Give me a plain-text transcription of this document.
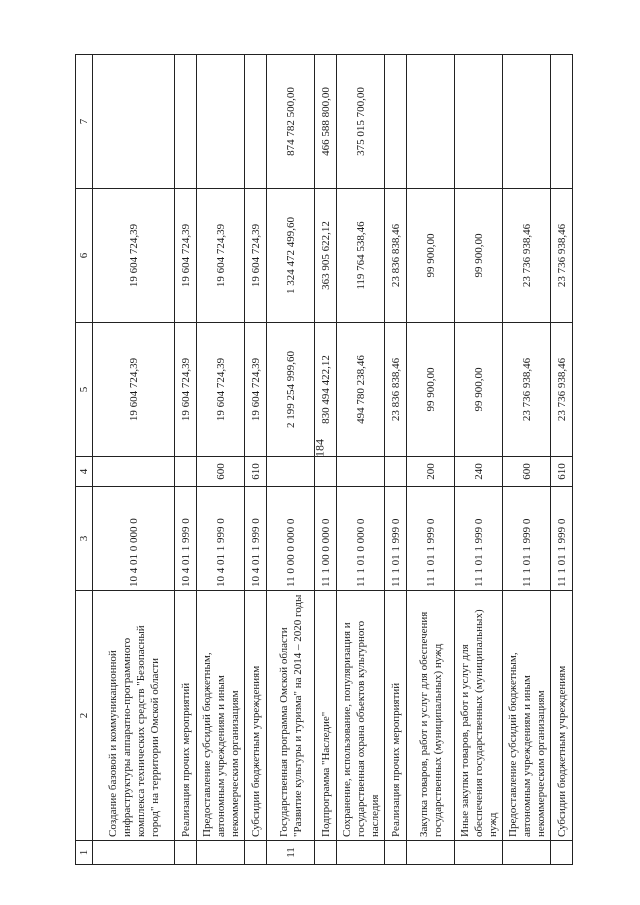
184
1	2	3	4	5	6	7
	Создание базовой и коммуникационной инфраструктуры аппаратно-программного комплекса технических средств "Безопасный город" на территории Омской области	10 4 01 0 000 0		19 604 724,39	19 604 724,39	
	Реализация прочих мероприятий	10 4 01 1 999 0		19 604 724,39	19 604 724,39	
	Предоставление субсидий бюджетным, автономным учреждениям и иным некоммерческим организациям	10 4 01 1 999 0	600	19 604 724,39	19 604 724,39	
	Субсидии бюджетным учреждениям	10 4 01 1 999 0	610	19 604 724,39	19 604 724,39	
11	Государственная программа Омской области "Развитие культуры и туризма" на 2014 – 2020 годы	11 0 00 0 000 0		2 199 254 999,60	1 324 472 499,60	874 782 500,00
	Подпрограмма "Наследие"	11 1 00 0 000 0		830 494 422,12	363 905 622,12	466 588 800,00
	Сохранение, использование, популяризация и государственная охрана объектов культурного наследия	11 1 01 0 000 0		494 780 238,46	119 764 538,46	375 015 700,00
	Реализация прочих мероприятий	11 1 01 1 999 0		23 836 838,46	23 836 838,46	
	Закупка товаров, работ и услуг для обеспечения государственных (муниципальных) нужд	11 1 01 1 999 0	200	99 900,00	99 900,00	
	Иные закупки товаров, работ и услуг для обеспечения государственных (муниципальных) нужд	11 1 01 1 999 0	240	99 900,00	99 900,00	
	Предоставление субсидий бюджетным, автономным учреждениям и иным некоммерческим организациям	11 1 01 1 999 0	600	23 736 938,46	23 736 938,46	
	Субсидии бюджетным учреждениям	11 1 01 1 999 0	610	23 736 938,46	23 736 938,46	
